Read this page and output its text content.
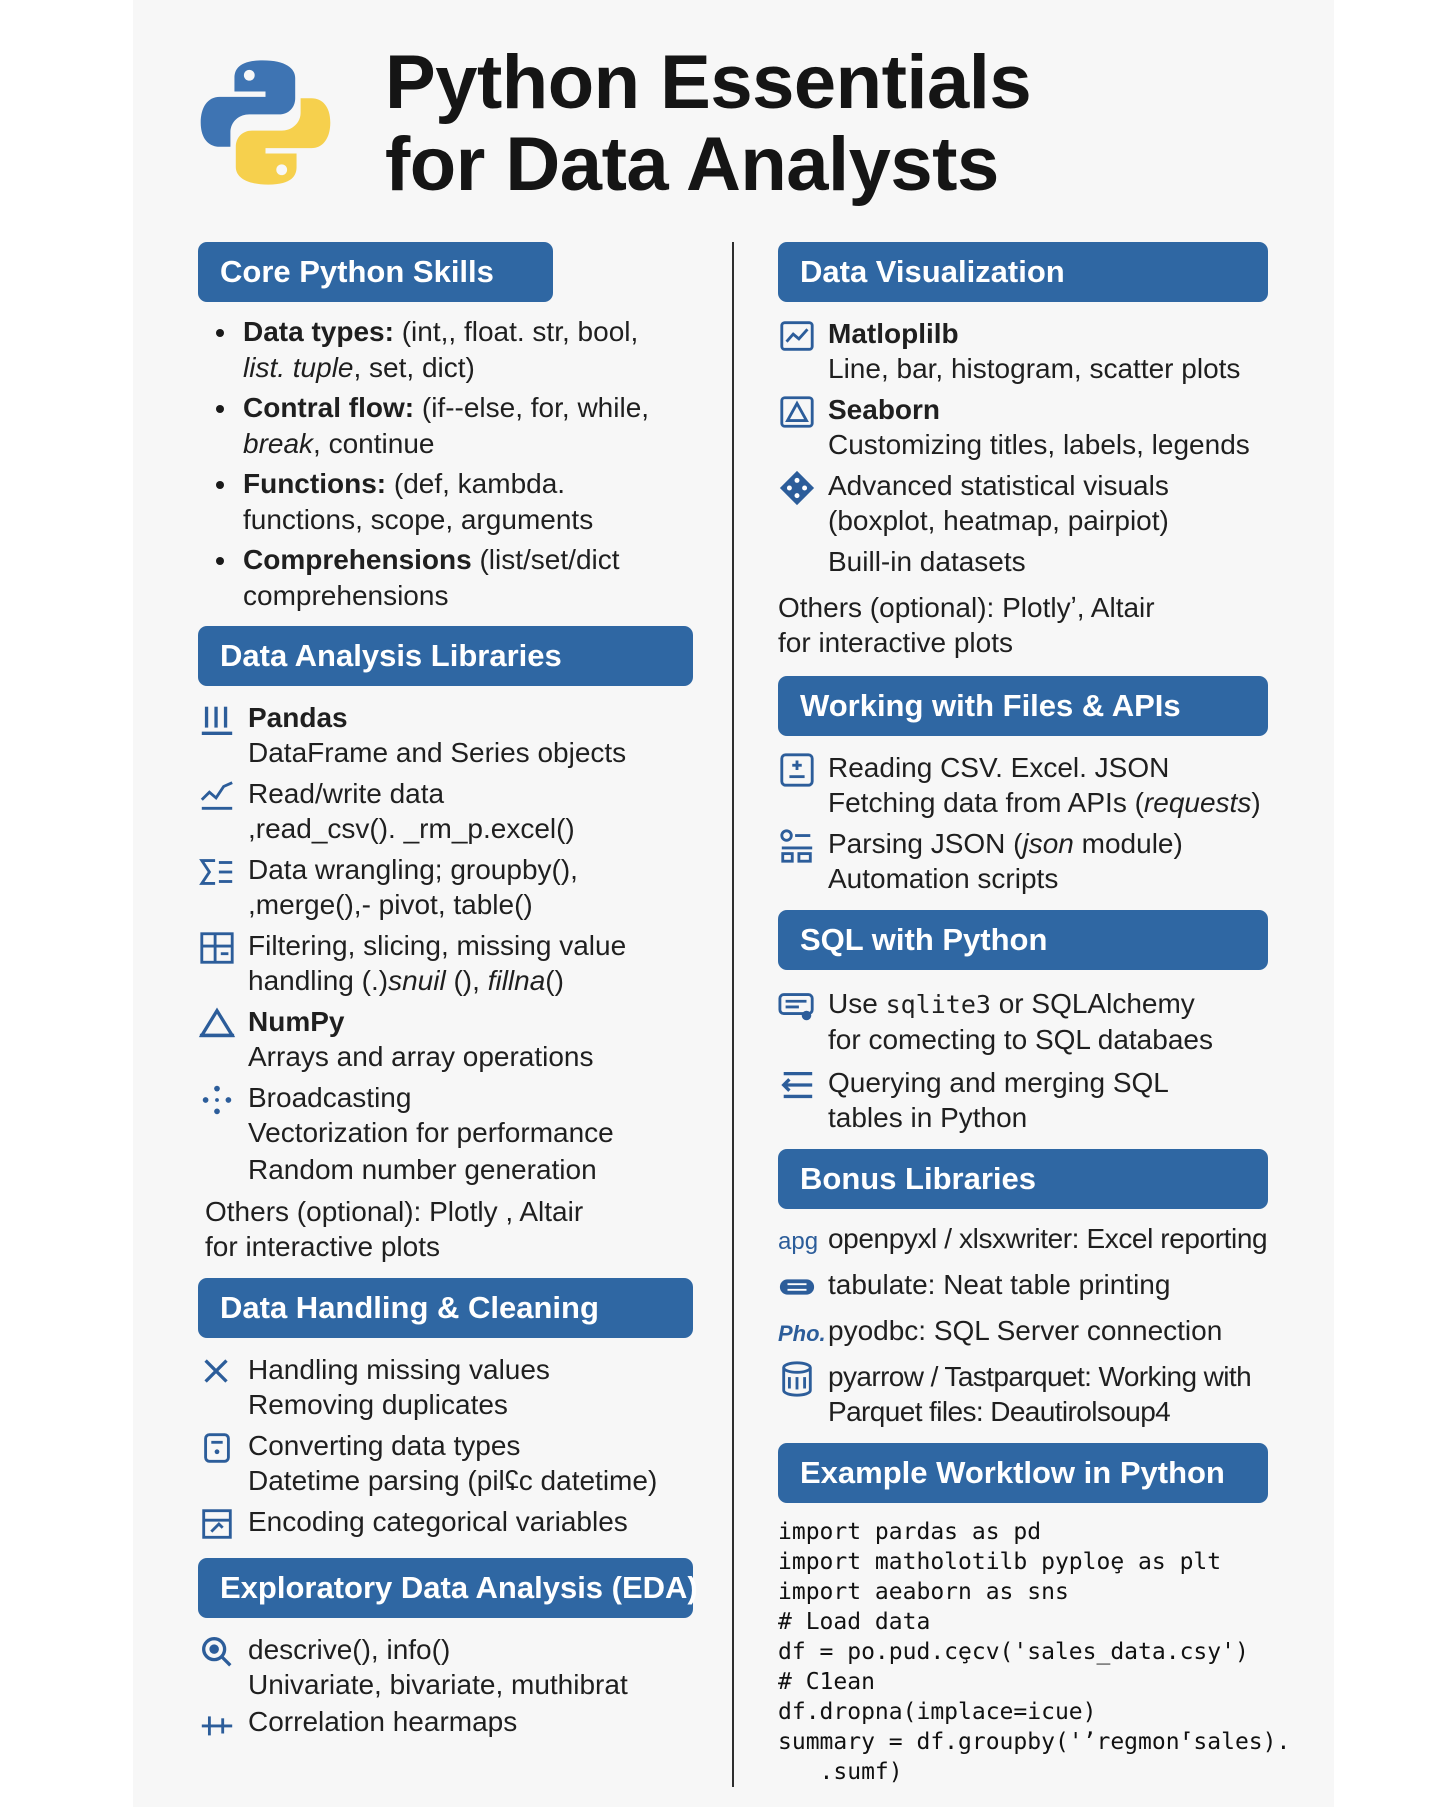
Python Essentials
for Data Analysts
Core Python Skills
Data types: (int,, float. str, bool,
list. tuple, set, dict)
Contral flow: (if--else, for, while,
break, continue
Functions: (def, kambda.
functions, scope, arguments
Comprehensions (list/set/dict
comprehensions
Data Analysis Libraries
Pandas
DataFrame and Series objects
Read/write data
,read_csv(). _rm_p.excel()
Data wrangling; groupby(),
,merge(),- pivot, table()
Filtering, slicing, missing value
handling (.)snuil (), fillna()
NumPy
Arrays and array operations
Broadcasting
Vectorization for performance
Random number generation
Others (optional): Plotly , Altair
for interactive plots
Data Handling & Cleaning
Handling missing values
Removing duplicates
Converting data types
Datetime parsing (pilʢc datetime)
Encoding categorical variables
Exploratory Data Analysis (EDA)
descrive(), info()
Univariate, bivariate, muthibrat
Correlation hearmaps
Data Visualization
Matloplilb
Line, bar, histogram, scatter plots
Seaborn
Customizing titles, labels, legends
Advanced statistical visuals
(boxplot, heatmap, pairpiot)
Buill-in datasets
Others (optional): Plotlyʼ, Altair
for interactive plots
Working with Files & APIs
Reading CSV. Excel. JSON
Fetching data from APIs (requests)
Parsing JSON (json module)
Automation scripts
SQL with Python
Use sqlite3 or SQLAlchemy
for comecting to SQL databaes
Querying and merging SQL
tables in Python
Bonus Libraries
apg openpyxl / xlsxwriter: Excel reporting
tabulate: Neat table printing
Pho. pyodbc: SQL Server connection
pyarrow / Tastparquet: Working with
Parquet files: Deautirolsoup4
Example Worktlow in Python
import pardas as pd
import matholotilb pyploȩ as plt
import aeaborn as sns
# Load data
df = po.pud.cȩcv('sales_data.csy')
# C1ean
df.dropna(implace=icue)
summary = df.groupby('ʼregmon⸢sales).
.sumf)
